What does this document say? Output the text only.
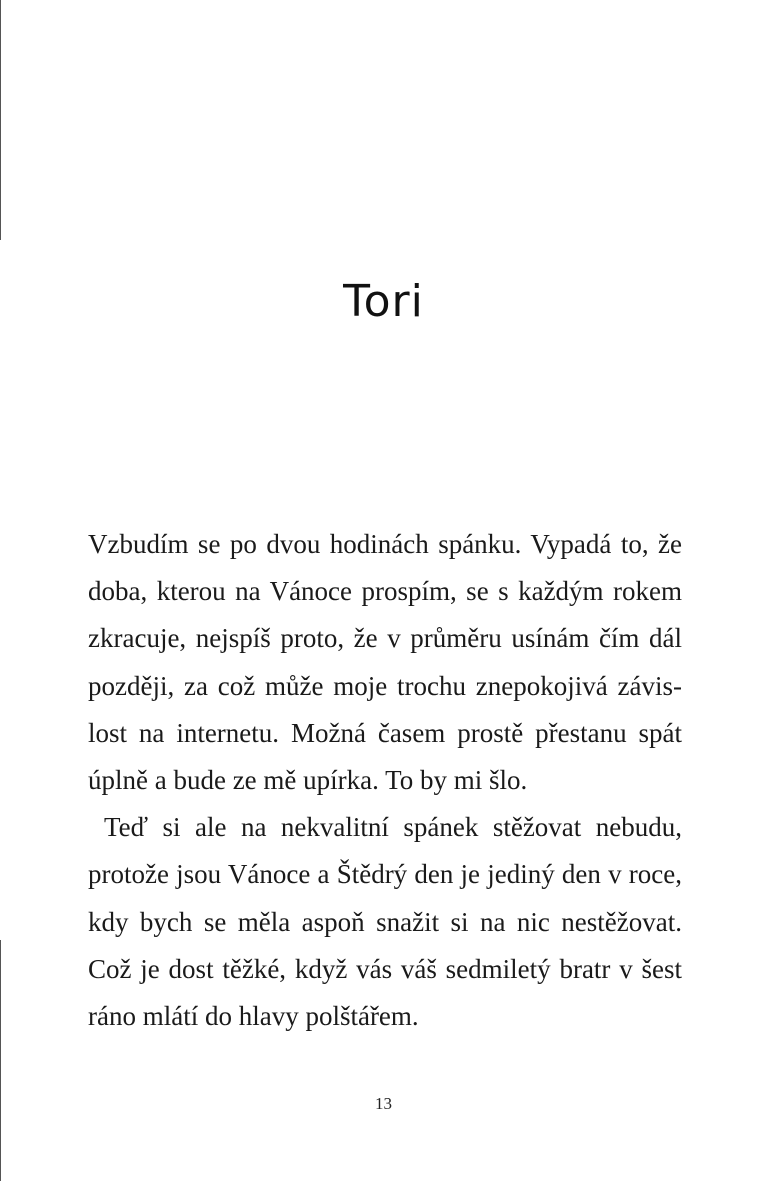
Tori
Vzbudím se po dvou hodinách spánku. Vypadá to, že
doba, kterou na Vánoce prospím, se s každým rokem
zkracuje, nejspíš proto, že v průměru usínám čím dál
později, za což může moje trochu znepokojivá závis-
lost na internetu. Možná časem prostě přestanu spát
úplně a bude ze mě upírka. To by mi šlo.
Teď si ale na nekvalitní spánek stěžovat nebudu,
protože jsou Vánoce a Štědrý den je jediný den v roce,
kdy bych se měla aspoň snažit si na nic nestěžovat.
Což je dost těžké, když vás váš sedmiletý bratr v šest
ráno mlátí do hlavy polštářem.
13
